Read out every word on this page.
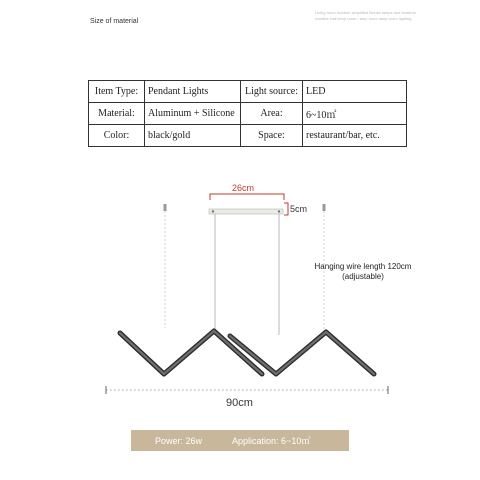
Size of material
Living room modern simplified Nordic lamps and lanterns creative hall lamp room / amp room lamp room lighting
Item Type:	Pendant Lights	Light source:	LED
Material:	Aluminum + Silicone	Area:	6~10㎡
Color:	black/gold	Space:	restaurant/bar, etc.
26cm
5cm
Hanging wire length 120cm
(adjustable)
90cm
Power: 26w	Application: 6~10㎡
